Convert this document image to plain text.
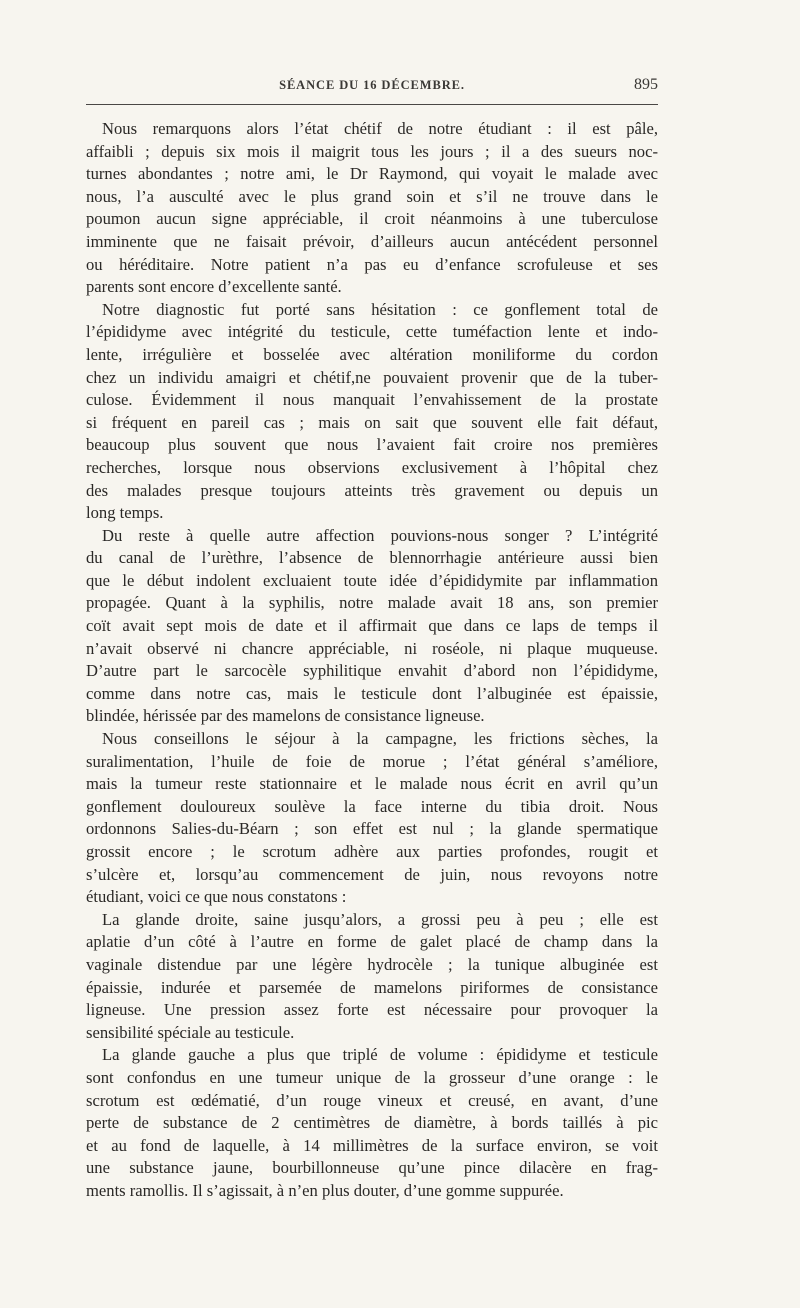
SÉANCE DU 16 DÉCEMBRE.	895

Nous remarquons alors l’état chétif de notre étudiant : il est pâle,
affaibli ; depuis six mois il maigrit tous les jours ; il a des sueurs noc-
turnes abondantes ; notre ami, le Dr Raymond, qui voyait le malade avec
nous, l’a ausculté avec le plus grand soin et s’il ne trouve dans le
poumon aucun signe appréciable, il croit néanmoins à une tuberculose
imminente que ne faisait prévoir, d’ailleurs aucun antécédent personnel
ou héréditaire. Notre patient n’a pas eu d’enfance scrofuleuse et ses
parents sont encore d’excellente santé.

Notre diagnostic fut porté sans hésitation : ce gonflement total de
l’épididyme avec intégrité du testicule, cette tuméfaction lente et indo-
lente, irrégulière et bosselée avec altération moniliforme du cordon
chez un individu amaigri et chétif,ne pouvaient provenir que de la tuber-
culose. Évidemment il nous manquait l’envahissement de la prostate
si fréquent en pareil cas ; mais on sait que souvent elle fait défaut,
beaucoup plus souvent que nous l’avaient fait croire nos premières
recherches, lorsque nous observions exclusivement à l’hôpital chez
des malades presque toujours atteints très gravement ou depuis un
long temps.

Du reste à quelle autre affection pouvions-nous songer ? L’intégrité
du canal de l’urèthre, l’absence de blennorrhagie antérieure aussi bien
que le début indolent excluaient toute idée d’épididymite par inflammation
propagée. Quant à la syphilis, notre malade avait 18 ans, son premier
coït avait sept mois de date et il affirmait que dans ce laps de temps il
n’avait observé ni chancre appréciable, ni roséole, ni plaque muqueuse.
D’autre part le sarcocèle syphilitique envahit d’abord non l’épididyme,
comme dans notre cas, mais le testicule dont l’albuginée est épaissie,
blindée, hérissée par des mamelons de consistance ligneuse.

Nous conseillons le séjour à la campagne, les frictions sèches, la
suralimentation, l’huile de foie de morue ; l’état général s’améliore,
mais la tumeur reste stationnaire et le malade nous écrit en avril qu’un
gonflement douloureux soulève la face interne du tibia droit. Nous
ordonnons Salies-du-Béarn ; son effet est nul ; la glande spermatique
grossit encore ; le scrotum adhère aux parties profondes, rougit et
s’ulcère et, lorsqu’au commencement de juin, nous revoyons notre
étudiant, voici ce que nous constatons :

La glande droite, saine jusqu’alors, a grossi peu à peu ; elle est
aplatie d’un côté à l’autre en forme de galet placé de champ dans la
vaginale distendue par une légère hydrocèle ; la tunique albuginée est
épaissie, indurée et parsemée de mamelons piriformes de consistance
ligneuse. Une pression assez forte est nécessaire pour provoquer la
sensibilité spéciale au testicule.

La glande gauche a plus que triplé de volume : épididyme et testicule
sont confondus en une tumeur unique de la grosseur d’une orange : le
scrotum est œdématié, d’un rouge vineux et creusé, en avant, d’une
perte de substance de 2 centimètres de diamètre, à bords taillés à pic
et au fond de laquelle, à 14 millimètres de la surface environ, se voit
une substance jaune, bourbillonneuse qu’une pince dilacère en frag-
ments ramollis. Il s’agissait, à n’en plus douter, d’une gomme suppurée.
